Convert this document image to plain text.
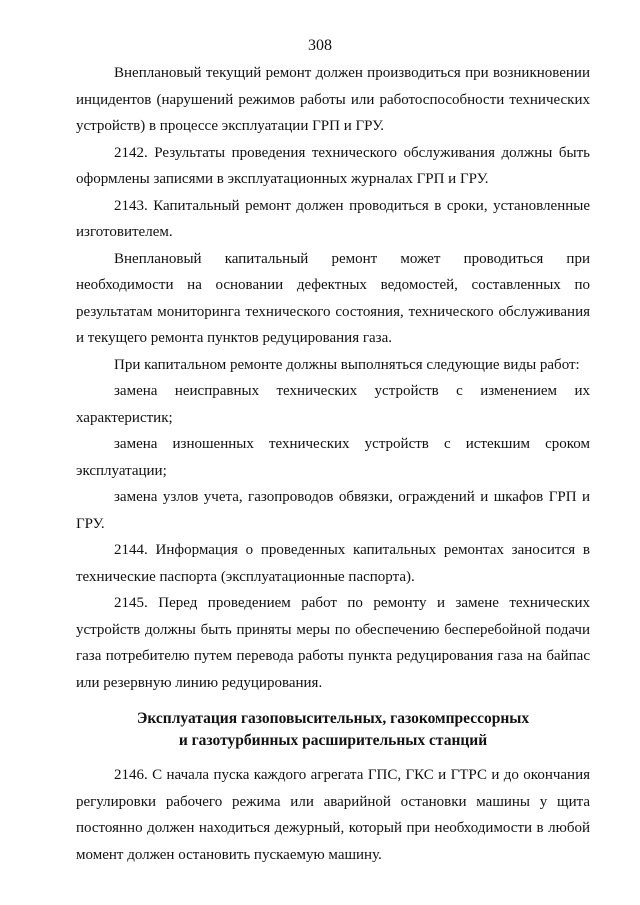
308

Внеплановый текущий ремонт должен производиться при возникновении инцидентов (нарушений режимов работы или работоспособности технических устройств) в процессе эксплуатации ГРП и ГРУ.

2142. Результаты проведения технического обслуживания должны быть оформлены записями в эксплуатационных журналах ГРП и ГРУ.

2143. Капитальный ремонт должен проводиться в сроки, установленные изготовителем.

Внеплановый капитальный ремонт может проводиться при необходимости на основании дефектных ведомостей, составленных по результатам мониторинга технического состояния, технического обслуживания и текущего ремонта пунктов редуцирования газа.

При капитальном ремонте должны выполняться следующие виды работ:

замена неисправных технических устройств с изменением их характеристик;

замена изношенных технических устройств с истекшим сроком эксплуатации;

замена узлов учета, газопроводов обвязки, ограждений и шкафов ГРП и ГРУ.

2144. Информация о проведенных капитальных ремонтах заносится в технические паспорта (эксплуатационные паспорта).

2145. Перед проведением работ по ремонту и замене технических устройств должны быть приняты меры по обеспечению бесперебойной подачи газа потребителю путем перевода работы пункта редуцирования газа на байпас или резервную линию редуцирования.

Эксплуатация газоповысительных, газокомпрессорных
и газотурбинных расширительных станций

2146. С начала пуска каждого агрегата ГПС, ГКС и ГТРС и до окончания регулировки рабочего режима или аварийной остановки машины у щита постоянно должен находиться дежурный, который при необходимости в любой момент должен остановить пускаемую машину.
